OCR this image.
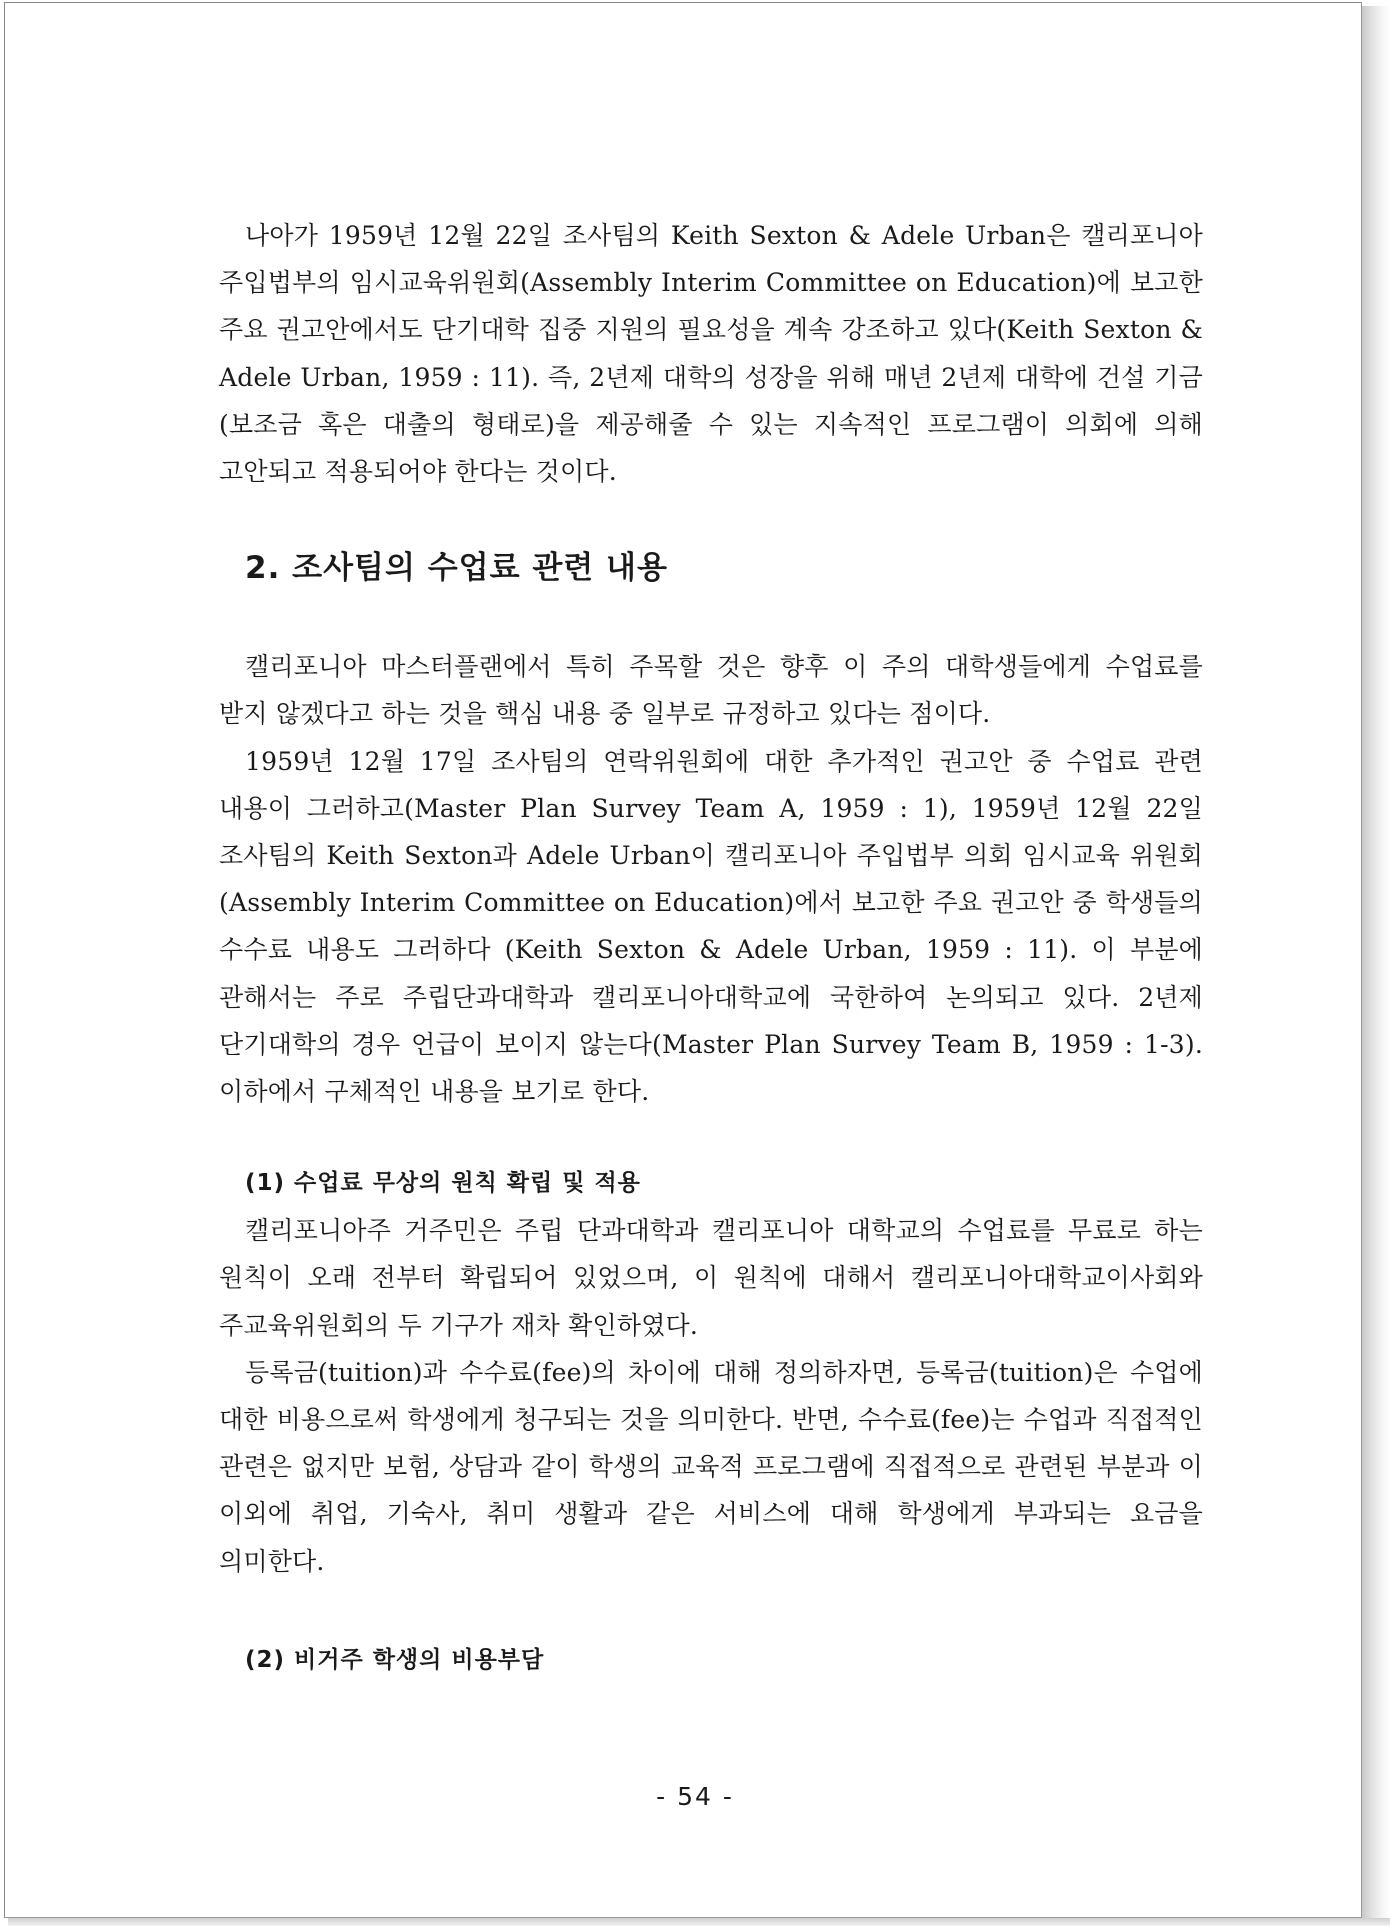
나아가 1959년 12월 22일 조사팀의 Keith Sexton & Adele Urban은 캘리포니아 주입법부의 임시교육위원회(Assembly Interim Committee on Education)에 보고한 주요 권고안에서도 단기대학 집중 지원의 필요성을 계속 강조하고 있다(Keith Sexton & Adele Urban, 1959 : 11). 즉, 2년제 대학의 성장을 위해 매년 2년제 대학에 건설 기금(보조금 혹은 대출의 형태로)을 제공해줄 수 있는 지속적인 프로그램이 의회에 의해 고안되고 적용되어야 한다는 것이다.

2. 조사팀의 수업료 관련 내용

캘리포니아 마스터플랜에서 특히 주목할 것은 향후 이 주의 대학생들에게 수업료를 받지 않겠다고 하는 것을 핵심 내용 중 일부로 규정하고 있다는 점이다.

1959년 12월 17일 조사팀의 연락위원회에 대한 추가적인 권고안 중 수업료 관련 내용이 그러하고(Master Plan Survey Team A, 1959 : 1), 1959년 12월 22일 조사팀의 Keith Sexton과 Adele Urban이 캘리포니아 주입법부 의회 임시교육 위원회(Assembly Interim Committee on Education)에서 보고한 주요 권고안 중 학생들의 수수료 내용도 그러하다 (Keith Sexton & Adele Urban, 1959 : 11). 이 부분에 관해서는 주로 주립단과대학과 캘리포니아대학교에 국한하여 논의되고 있다. 2년제 단기대학의 경우 언급이 보이지 않는다(Master Plan Survey Team B, 1959 : 1-3). 이하에서 구체적인 내용을 보기로 한다.

(1) 수업료 무상의 원칙 확립 및 적용

캘리포니아주 거주민은 주립 단과대학과 캘리포니아 대학교의 수업료를 무료로 하는 원칙이 오래 전부터 확립되어 있었으며, 이 원칙에 대해서 캘리포니아대학교이사회와 주교육위원회의 두 기구가 재차 확인하였다.

등록금(tuition)과 수수료(fee)의 차이에 대해 정의하자면, 등록금(tuition)은 수업에 대한 비용으로써 학생에게 청구되는 것을 의미한다. 반면, 수수료(fee)는 수업과 직접적인 관련은 없지만 보험, 상담과 같이 학생의 교육적 프로그램에 직접적으로 관련된 부분과 이 이외에 취업, 기숙사, 취미 생활과 같은 서비스에 대해 학생에게 부과되는 요금을 의미한다.

(2) 비거주 학생의 비용부담
- 54 -
